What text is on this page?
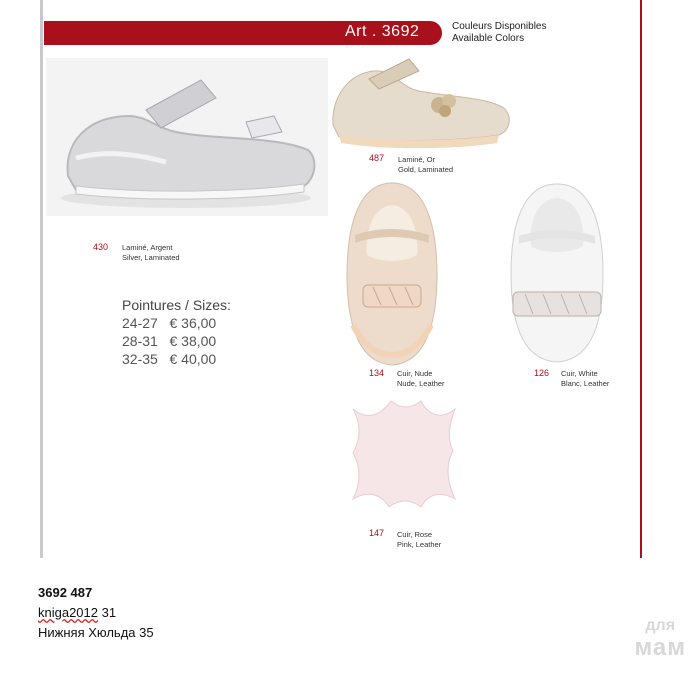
Art . 3692	Couleurs Disponibles
Available Colors
430 Laminé, Argent
Silver, Laminated
487 Laminé, Or
Gold, Laminated
134 Cuir, Nude
Nude, Leather
126 Cuir, White
Blanc, Leather
147 Cuir, Rose
Pink, Leather
Pointures / Sizes:
24-27 € 36,00
28-31 € 38,00
32-35 € 40,00
3692 487
kniga2012 31
Нижняя Хюльда 35	для
мам
